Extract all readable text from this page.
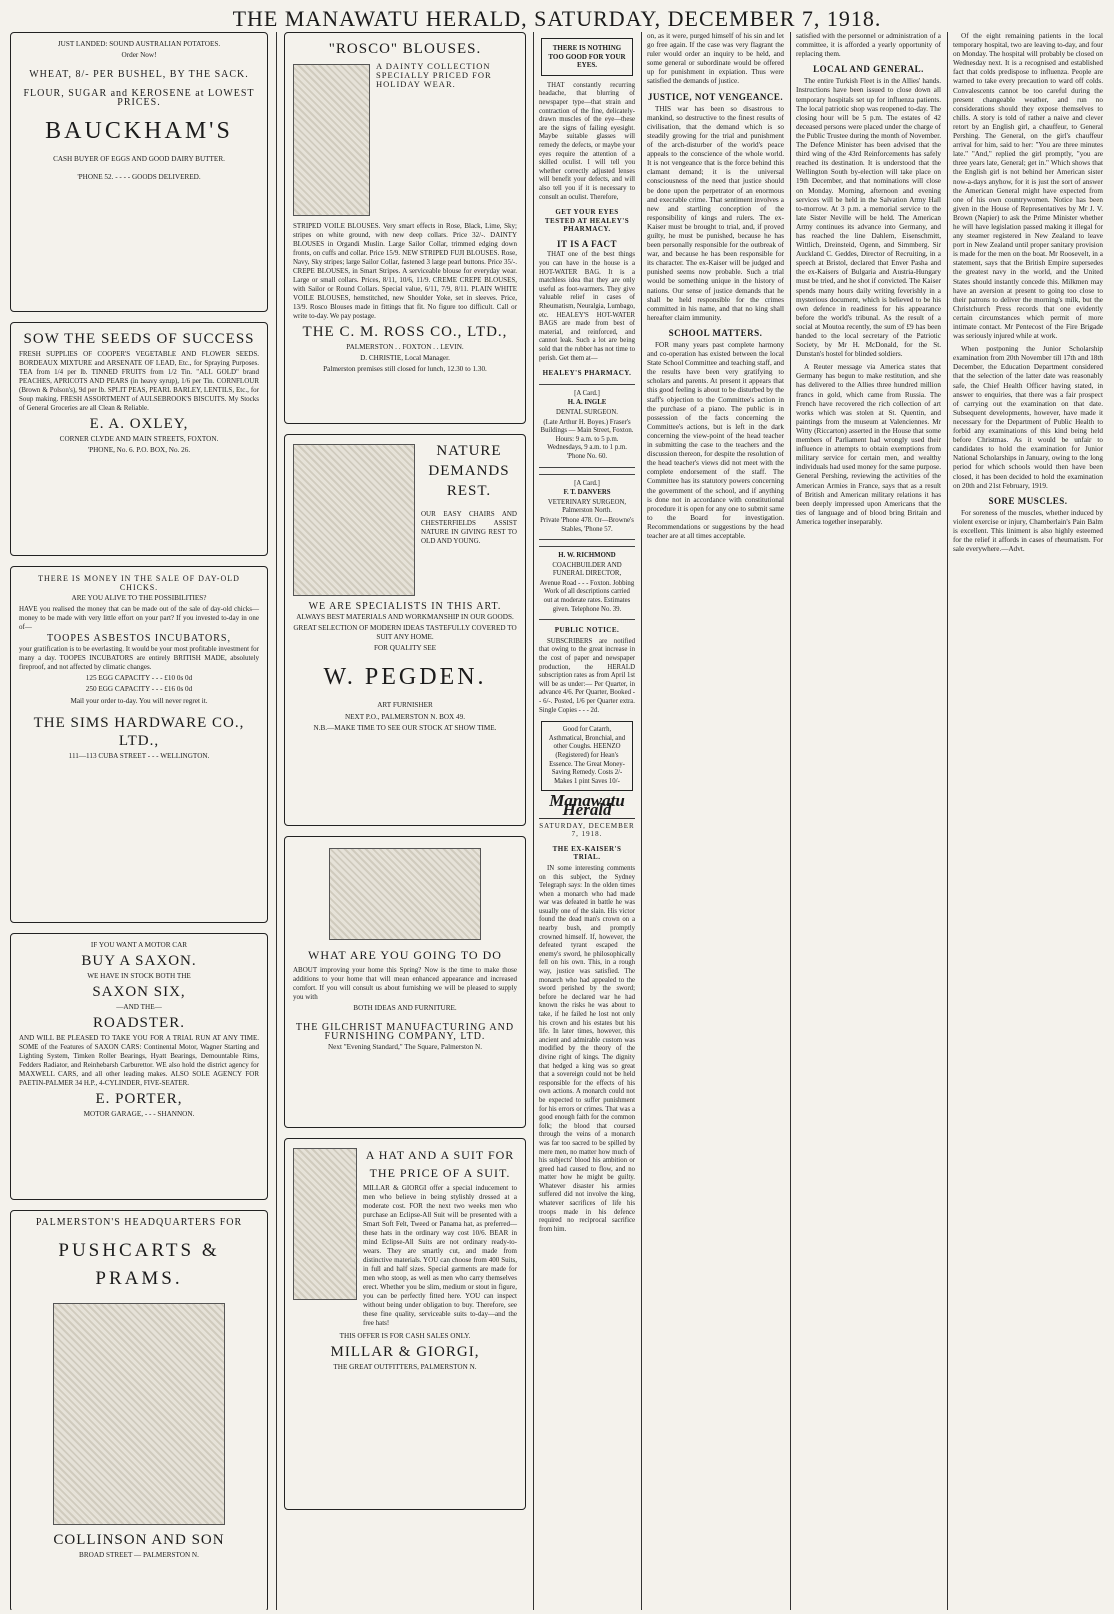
THE MANAWATU HERALD, SATURDAY, DECEMBER 7, 1918.

JUST LANDED: SOUND AUSTRALIAN POTATOES.

Order Now!

WHEAT, 8/- PER BUSHEL, BY THE SACK.

FLOUR, SUGAR and KEROSENE at LOWEST PRICES.

BAUCKHAM'S

CASH BUYER OF EGGS AND GOOD DAIRY BUTTER.

'PHONE 52. - - - - GOODS DELIVERED.

SOW THE SEEDS OF SUCCESS

FRESH SUPPLIES OF COOPER'S VEGETABLE AND FLOWER SEEDS. BORDEAUX MIXTURE and ARSENATE OF LEAD, Etc., for Spraying Purposes. TEA from 1/4 per lb. TINNED FRUITS from 1/2 Tin. "ALL GOLD" brand PEACHES, APRICOTS AND PEARS (in heavy syrup), 1/6 per Tin. CORNFLOUR (Brown & Polson's), 9d per lb. SPLIT PEAS, PEARL BARLEY, LENTILS, Etc., for Soup making. FRESH ASSORTMENT of AULSEBROOK'S BISCUITS. My Stocks of General Groceries are all Clean & Reliable.

E. A. OXLEY,

CORNER CLYDE AND MAIN STREETS, FOXTON.

'PHONE, No. 6. P.O. BOX, No. 26.

THERE IS MONEY IN THE SALE OF DAY-OLD CHICKS.

ARE YOU ALIVE TO THE POSSIBILITIES?

HAVE you realised the money that can be made out of the sale of day-old chicks—money to be made with very little effort on your part? If you invested to-day in one of—

TOOPES ASBESTOS INCUBATORS,

your gratification is to be everlasting. It would be your most profitable investment for many a day. TOOPES INCUBATORS are entirely BRITISH MADE, absolutely fireproof, and not affected by climatic changes.

125 EGG CAPACITY - - - £10 0s 0d

250 EGG CAPACITY - - - £16 0s 0d

Mail your order to-day. You will never regret it.

THE SIMS HARDWARE CO., LTD.,

111—113 CUBA STREET - - - WELLINGTON.

IF YOU WANT A MOTOR CAR

BUY A SAXON.

WE HAVE IN STOCK BOTH THE

SAXON SIX,

—AND THE—

ROADSTER.

AND WILL BE PLEASED TO TAKE YOU FOR A TRIAL RUN AT ANY TIME. SOME of the Features of SAXON CARS: Continental Motor, Wagner Starting and Lighting System, Timken Roller Bearings, Hyatt Bearings, Demountable Rims, Fedders Radiator, and Reinhebarsh Carburettor. WE also hold the district agency for MAXWELL CARS, and all other leading makes. ALSO SOLE AGENCY FOR PAETIN-PALMER 34 H.P., 4-CYLINDER, FIVE-SEATER.

E. PORTER,

MOTOR GARAGE, - - - SHANNON.

PALMERSTON'S HEADQUARTERS FOR

PUSHCARTS & PRAMS.

COLLINSON AND SON

BROAD STREET — PALMERSTON N.

"ROSCO" BLOUSES.

A DAINTY COLLECTION SPECIALLY PRICED FOR HOLIDAY WEAR.

STRIPED VOILE BLOUSES. Very smart effects in Rose, Black, Lime, Sky; stripes on white ground, with new deep collars. Price 32/-. DAINTY BLOUSES in Organdi Muslin. Large Sailor Collar, trimmed edging down fronts, on cuffs and collar. Price 15/9. NEW STRIPED FUJI BLOUSES. Rose, Navy, Sky stripes; large Sailor Collar, fastened 3 large pearl buttons. Price 35/-. CREPE BLOUSES, in Smart Stripes. A serviceable blouse for everyday wear. Large or small collars. Prices, 8/11, 10/6, 11/9. CREME CREPE BLOUSES, with Sailor or Round Collars. Special value, 6/11, 7/9, 8/11. PLAIN WHITE VOILE BLOUSES, hemstitched, new Shoulder Yoke, set in sleeves. Price, 13/9. Rosco Blouses made in fittings that fit. No figure too difficult. Call or write to-day. We pay postage.

THE C. M. ROSS CO., LTD.,

PALMERSTON . . FOXTON . . LEVIN.

D. CHRISTIE, Local Manager.

Palmerston premises still closed for lunch, 12.30 to 1.30.

NATURE

DEMANDS

REST.

OUR EASY CHAIRS AND CHESTERFIELDS ASSIST NATURE IN GIVING REST TO OLD AND YOUNG.

WE ARE SPECIALISTS IN THIS ART.

ALWAYS BEST MATERIALS AND WORKMANSHIP IN OUR GOODS.

GREAT SELECTION OF MODERN IDEAS TASTEFULLY COVERED TO SUIT ANY HOME.

FOR QUALITY SEE

W. PEGDEN.

ART FURNISHER

NEXT P.O., PALMERSTON N. BOX 49.

N.B.—MAKE TIME TO SEE OUR STOCK AT SHOW TIME.

WHAT ARE YOU GOING TO DO

ABOUT improving your home this Spring? Now is the time to make those additions to your home that will mean enhanced appearance and increased comfort. If you will consult us about furnishing we will be pleased to supply you with

BOTH IDEAS AND FURNITURE.

THE GILCHRIST MANUFACTURING AND FURNISHING COMPANY, LTD.

Next "Evening Standard," The Square, Palmerston N.

A HAT AND A SUIT FOR THE PRICE OF A SUIT.

MILLAR & GIORGI offer a special inducement to men who believe in being stylishly dressed at a moderate cost. FOR the next two weeks men who purchase an Eclipse-All Suit will be presented with a Smart Soft Felt, Tweed or Panama hat, as preferred—these hats in the ordinary way cost 10/6. BEAR in mind Eclipse-All Suits are not ordinary ready-to-wears. They are smartly cut, and made from distinctive materials. YOU can choose from 400 Suits, in full and half sizes. Special garments are made for men who stoop, as well as men who carry themselves erect. Whether you be slim, medium or stout in figure, you can be perfectly fitted here. YOU can inspect without being under obligation to buy. Therefore, see these fine quality, serviceable suits to-day—and the free hats!

THIS OFFER IS FOR CASH SALES ONLY.

MILLAR & GIORGI,

THE GREAT OUTFITTERS, PALMERSTON N.

THERE IS NOTHING TOO GOOD FOR YOUR EYES.

THAT constantly recurring headache, that blurring of newspaper type—that strain and contraction of the fine, delicately-drawn muscles of the eye—these are the signs of failing eyesight. Maybe suitable glasses will remedy the defects, or maybe your eyes require the attention of a skilled oculist. I will tell you whether correctly adjusted lenses will benefit your defects, and will also tell you if it is necessary to consult an oculist. Therefore,

GET YOUR EYES TESTED AT HEALEY'S PHARMACY.

IT IS A FACT

THAT one of the best things you can have in the house is a HOT-WATER BAG. It is a matchless idea that they are only useful as foot-warmers. They give valuable relief in cases of Rheumatism, Neuralgia, Lumbago, etc. HEALEY'S HOT-WATER BAGS are made from best of material, and reinforced, and cannot leak. Such a lot are being sold that the rubber has not time to perish. Get them at—

HEALEY'S PHARMACY.

[A Card.]

H. A. INGLE

DENTAL SURGEON.

(Late Arthur H. Boyes.) Fraser's Buildings — Main Street, Foxton. Hours: 9 a.m. to 5 p.m. Wednesdays, 9 a.m. to 1 p.m. 'Phone No. 60.

[A Card.]

F. T. DANVERS

VETERINARY SURGEON, Palmerston North.

Private 'Phone 478. Or—Browne's Stables, 'Phone 57.

H. W. RICHMOND

COACHBUILDER AND FUNERAL DIRECTOR,

Avenue Road - - - Foxton. Jobbing Work of all descriptions carried out at moderate rates. Estimates given. Telephone No. 39.

PUBLIC NOTICE.

SUBSCRIBERS are notified that owing to the great increase in the cost of paper and newspaper production, the HERALD subscription rates as from April 1st will be as under:— Per Quarter, in advance 4/6. Per Quarter, Booked - - 6/-. Posted, 1/6 per Quarter extra. Single Copies - - - 2d.

Good for Catarrh, Asthmatical, Bronchial, and other Coughs. HEENZO (Registered) for Hean's Essence. The Great Money-Saving Remedy. Costs 2/- Makes 1 pint Saves 10/-

Manawatu Herald
SATURDAY, DECEMBER 7, 1918.

THE EX-KAISER'S TRIAL.

IN some interesting comments on this subject, the Sydney Telegraph says: In the olden times when a monarch who had made war was defeated in battle he was usually one of the slain. His victor found the dead man's crown on a nearby bush, and promptly crowned himself. If, however, the defeated tyrant escaped the enemy's sword, he philosophically fell on his own. This, in a rough way, justice was satisfied. The monarch who had appealed to the sword perished by the sword; before he declared war he had known the risks he was about to take, if he failed he lost not only his crown and his estates but his life. In later times, however, this ancient and admirable custom was modified by the theory of the divine right of kings. The dignity that hedged a king was so great that a sovereign could not be held responsible for the effects of his own actions. A monarch could not be expected to suffer punishment for his errors or crimes. That was a good enough faith for the common folk; the blood that coursed through the veins of a monarch was far too sacred to be spilled by mere men, no matter how much of his subjects' blood his ambition or greed had caused to flow, and no matter how he might be guilty. Whatever disaster his armies suffered did not involve the king, whatever sacrifices of life his troops made in his defence required no reciprocal sacrifice from him.

on, as it were, purged himself of his sin and let go free again. If the case was very flagrant the ruler would order an inquiry to be held, and some general or subordinate would be offered up for punishment in expiation. Thus were satisfied the demands of justice.

JUSTICE, NOT VENGEANCE.

THIS war has been so disastrous to mankind, so destructive to the finest results of civilisation, that the demand which is so steadily growing for the trial and punishment of the arch-disturber of the world's peace appeals to the conscience of the whole world. It is not vengeance that is the force behind this clamant demand; it is the universal consciousness of the need that justice should be done upon the perpetrator of an enormous and execrable crime. That sentiment involves a new and startling conception of the responsibility of kings and rulers. The ex-Kaiser must be brought to trial, and, if proved guilty, he must be punished, because he has been personally responsible for the outbreak of war, and because he has been responsible for its character. The ex-Kaiser will be judged and punished seems now probable. Such a trial would be something unique in the history of nations. Our sense of justice demands that he shall be held responsible for the crimes committed in his name, and that no king shall hereafter claim immunity.

SCHOOL MATTERS.

FOR many years past complete harmony and co-operation has existed between the local State School Committee and teaching staff, and the results have been very gratifying to scholars and parents. At present it appears that this good feeling is about to be disturbed by the staff's objection to the Committee's action in the purchase of a piano. The public is in possession of the facts concerning the Committee's actions, but is left in the dark concerning the view-point of the head teacher in submitting the case to the teachers and the discussion thereon, for despite the resolution of the head teacher's views did not meet with the complete endorsement of the staff. The Committee has its statutory powers concerning the government of the school, and if anything is done not in accordance with constitutional procedure it is open for any one to submit same to the Board for investigation. Recommendations or suggestions by the head teacher are at all times acceptable.

satisfied with the personnel or administration of a committee, it is afforded a yearly opportunity of replacing them.

LOCAL AND GENERAL.

The entire Turkish Fleet is in the Allies' hands. Instructions have been issued to close down all temporary hospitals set up for influenza patients. The local patriotic shop was reopened to-day. The closing hour will be 5 p.m. The estates of 42 deceased persons were placed under the charge of the Public Trustee during the month of November. The Defence Minister has been advised that the third wing of the 43rd Reinforcements has safely reached its destination. It is understood that the Wellington South by-election will take place on 19th December, and that nominations will close on Monday. Morning, afternoon and evening services will be held in the Salvation Army Hall to-morrow. At 3 p.m. a memorial service to the late Sister Neville will be held. The American Army continues its advance into Germany, and has reached the line Dahlem, Eisenschmitt, Wittlich, Dreinsteid, Ogenn, and Simmberg. Sir Auckland C. Geddes, Director of Recruiting, in a speech at Bristol, declared that Enver Pasha and the ex-Kaisers of Bulgaria and Austria-Hungary must be tried, and he shot if convicted. The Kaiser spends many hours daily writing feverishly in a mysterious document, which is believed to be his own defence in readiness for his appearance before the world's tribunal. As the result of a social at Moutoa recently, the sum of £9 has been handed to the local secretary of the Patriotic Society, by Mr H. McDonald, for the St. Dunstan's hostel for blinded soldiers.

A Reuter message via America states that Germany has begun to make restitution, and she has delivered to the Allies three hundred million francs in gold, which came from Russia. The French have recovered the rich collection of art works which was stolen at St. Quentin, and paintings from the museum at Valenciennes. Mr Witty (Riccarton) asserted in the House that some members of Parliament had wrongly used their influence in attempts to obtain exemptions from military service for certain men, and wealthy individuals had used money for the same purpose. General Pershing, reviewing the activities of the American Armies in France, says that as a result of British and American military relations it has been deeply impressed upon Americans that the ties of language and of blood bring Britain and America together inseparably.

Of the eight remaining patients in the local temporary hospital, two are leaving to-day, and four on Monday. The hospital will probably be closed on Wednesday next. It is a recognised and established fact that colds predispose to influenza. People are warned to take every precaution to ward off colds. Convalescents cannot be too careful during the present changeable weather, and run no considerations should they expose themselves to chills. A story is told of rather a naive and clever retort by an English girl, a chauffeur, to General Pershing. The General, on the girl's chauffeur arrival for him, said to her: "You are three minutes late." "And," replied the girl promptly, "you are three years late, General; get in." Which shows that the English girl is not behind her American sister now-a-days anyhow, for it is just the sort of answer the American General might have expected from one of his own countrywomen. Notice has been given in the House of Representatives by Mr J. V. Brown (Napier) to ask the Prime Minister whether he will have legislation passed making it illegal for any steamer registered in New Zealand to leave port in New Zealand until proper sanitary provision is made for the men on the boat. Mr Roosevelt, in a statement, says that the British Empire supersedes the greatest navy in the world, and the United States should instantly concede this. Milkmen may have an aversion at present to going too close to their patrons to deliver the morning's milk, but the Christchurch Press records that one evidently certain circumstances which permit of more intimate contact. Mr Pentecost of the Fire Brigade was seriously injured while at work.

When postponing the Junior Scholarship examination from 20th November till 17th and 18th December, the Education Department considered that the selection of the latter date was reasonably safe, the Chief Health Officer having stated, in answer to enquiries, that there was a fair prospect of carrying out the examination on that date. Subsequent developments, however, have made it necessary for the Department of Public Health to forbid any examinations of this kind being held before Christmas. As it would be unfair to candidates to hold the examination for Junior National Scholarships in January, owing to the long period for which schools would then have been closed, it has been decided to hold the examination on 20th and 21st February, 1919.

SORE MUSCLES.

For soreness of the muscles, whether induced by violent exercise or injury, Chamberlain's Pain Balm is excellent. This liniment is also highly esteemed for the relief it affords in cases of rheumatism. For sale everywhere.—Advt.
